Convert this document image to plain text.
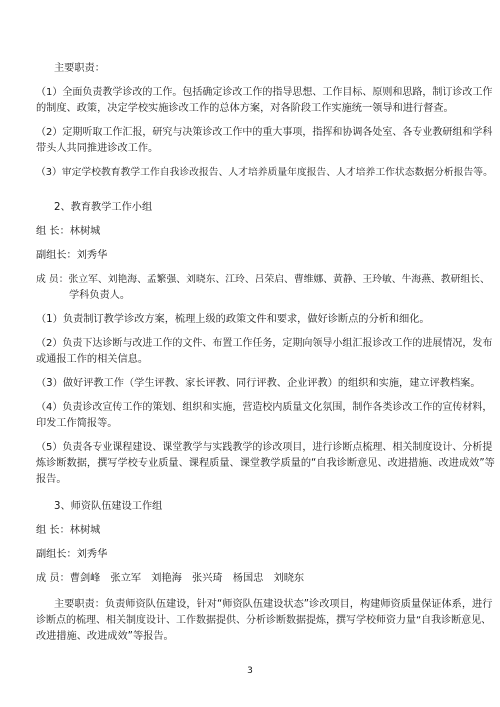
主要职责：
（1）全面负责教学诊改的工作。包括确定诊改工作的指导思想、工作目标、原则和思路，制订诊改工作
的制度、政策，决定学校实施诊改工作的总体方案，对各阶段工作实施统一领导和进行督查。
（2）定期听取工作汇报，研究与决策诊改工作中的重大事项，指挥和协调各处室、各专业教研组和学科
带头人共同推进诊改工作。
（3）审定学校教育教学工作自我诊改报告、人才培养质量年度报告、人才培养工作状态数据分析报告等。
2、教育教学工作小组
组 长：林树城
副组长：刘秀华
成 员：张立军、刘艳海、孟繁强、刘晓东、江玲、吕荣启、曹维娜、黄静、王玲敏、牛海燕、教研组长、
学科负责人。
（1）负责制订教学诊改方案，梳理上级的政策文件和要求，做好诊断点的分析和细化。
（2）负责下达诊断与改进工作的文件、布置工作任务，定期向领导小组汇报诊改工作的进展情况，发布
或通报工作的相关信息。
（3）做好评教工作（学生评教、家长评教、同行评教、企业评教）的组织和实施，建立评教档案。
（4）负责诊改宣传工作的策划、组织和实施，营造校内质量文化氛围，制作各类诊改工作的宣传材料，
印发工作简报等。
（5）负责各专业课程建设、课堂教学与实践教学的诊改项目，进行诊断点梳理、相关制度设计、分析提
炼诊断数据，撰写学校专业质量、课程质量、课堂教学质量的“自我诊断意见、改进措施、改进成效”等
报告。
3、师资队伍建设工作组
组 长：林树城
副组长：刘秀华
成 员：曹剑峰　张立军　刘艳海　张兴琦　杨国忠　刘晓东
主要职责：负责师资队伍建设，针对“师资队伍建设状态”诊改项目，构建师资质量保证体系，进行
诊断点的梳理、相关制度设计、工作数据提供、分析诊断数据提炼，撰写学校师资力量“自我诊断意见、
改进措施、改进成效”等报告。
3
